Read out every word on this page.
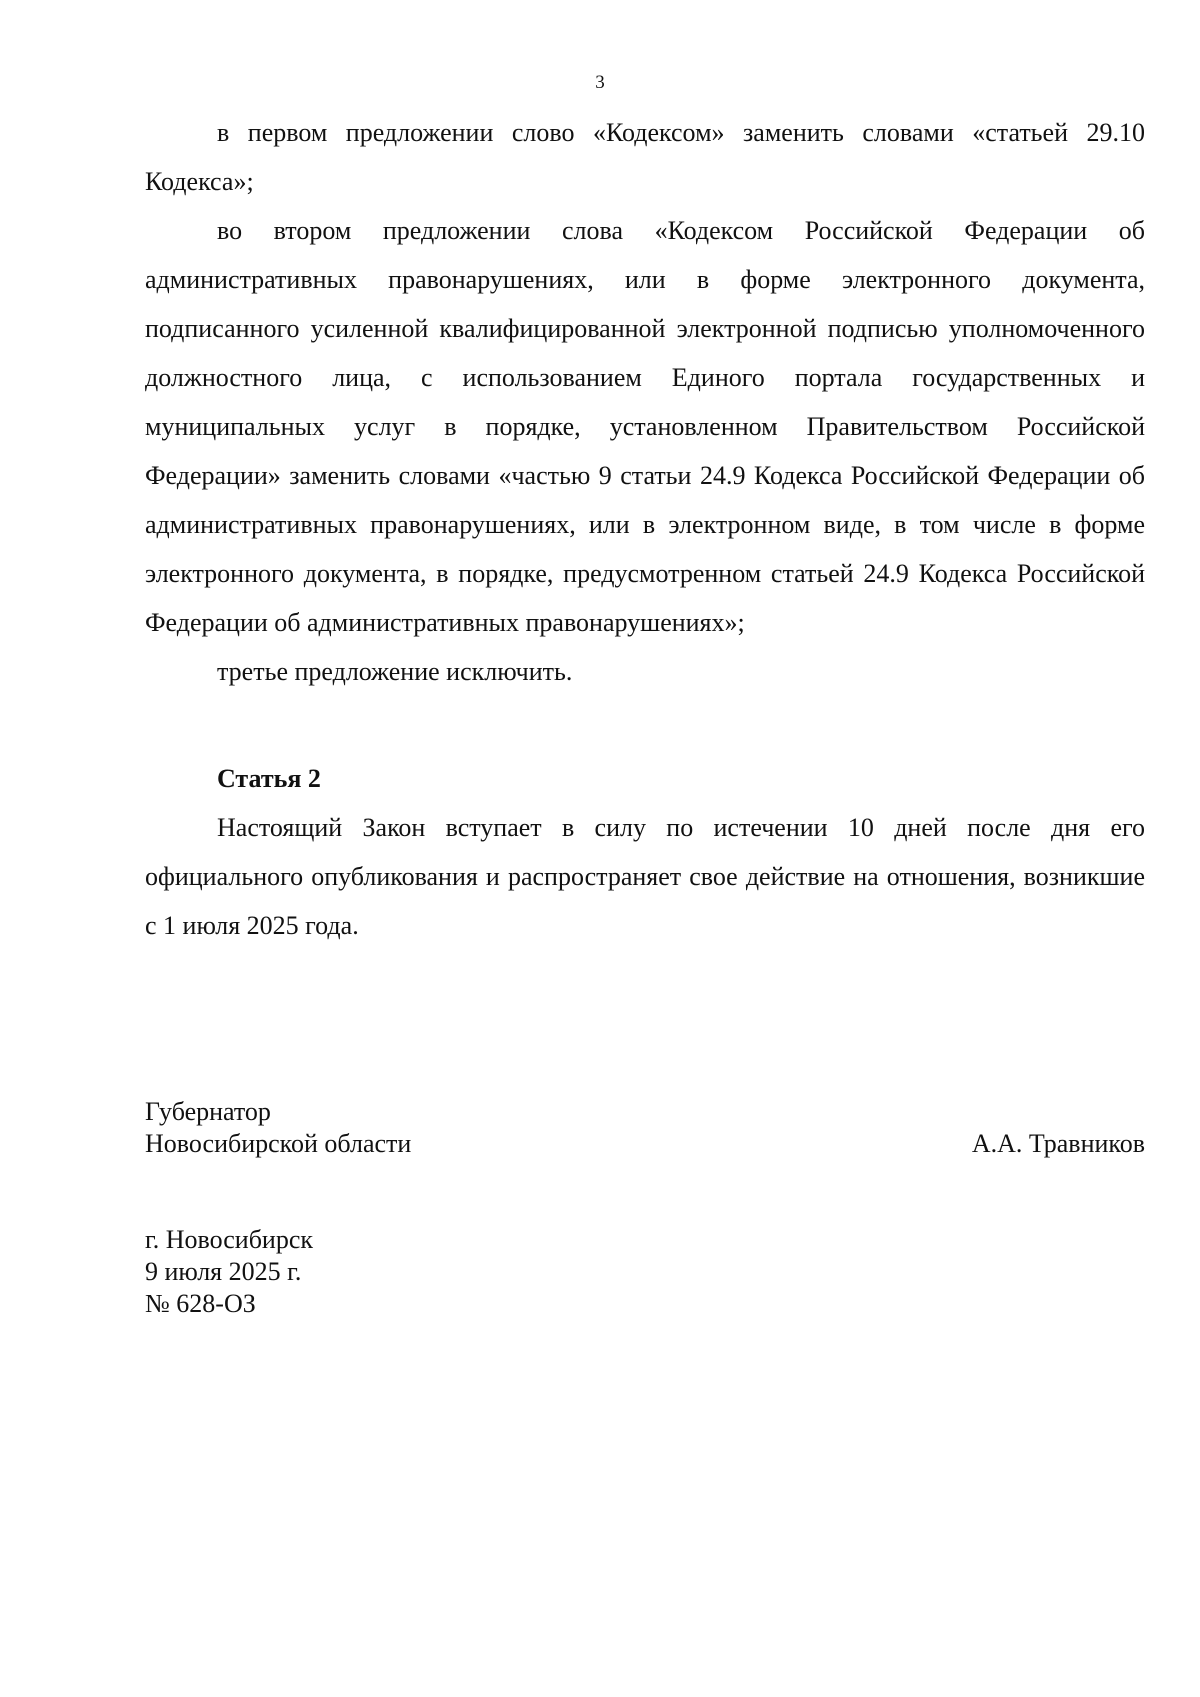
3

в первом предложении слово «Кодексом» заменить словами «статьей 29.10 Кодекса»;

во втором предложении слова «Кодексом Российской Федерации об административных правонарушениях, или в форме электронного документа, подписанного усиленной квалифицированной электронной подписью уполномоченного должностного лица, с использованием Единого портала государственных и муниципальных услуг в порядке, установленном Правительством Российской Федерации» заменить словами «частью 9 статьи 24.9 Кодекса Российской Федерации об административных правонарушениях, или в электронном виде, в том числе в форме электронного документа, в порядке, предусмотренном статьей 24.9 Кодекса Российской Федерации об административных правонарушениях»;

третье предложение исключить.

Статья 2

Настоящий Закон вступает в силу по истечении 10 дней после дня его официального опубликования и распространяет свое действие на отношения, возникшие с 1 июля 2025 года.

Губернатор
Новосибирской области	А.А. Травников
г. Новосибирск
9 июля 2025 г.
№ 628-ОЗ
